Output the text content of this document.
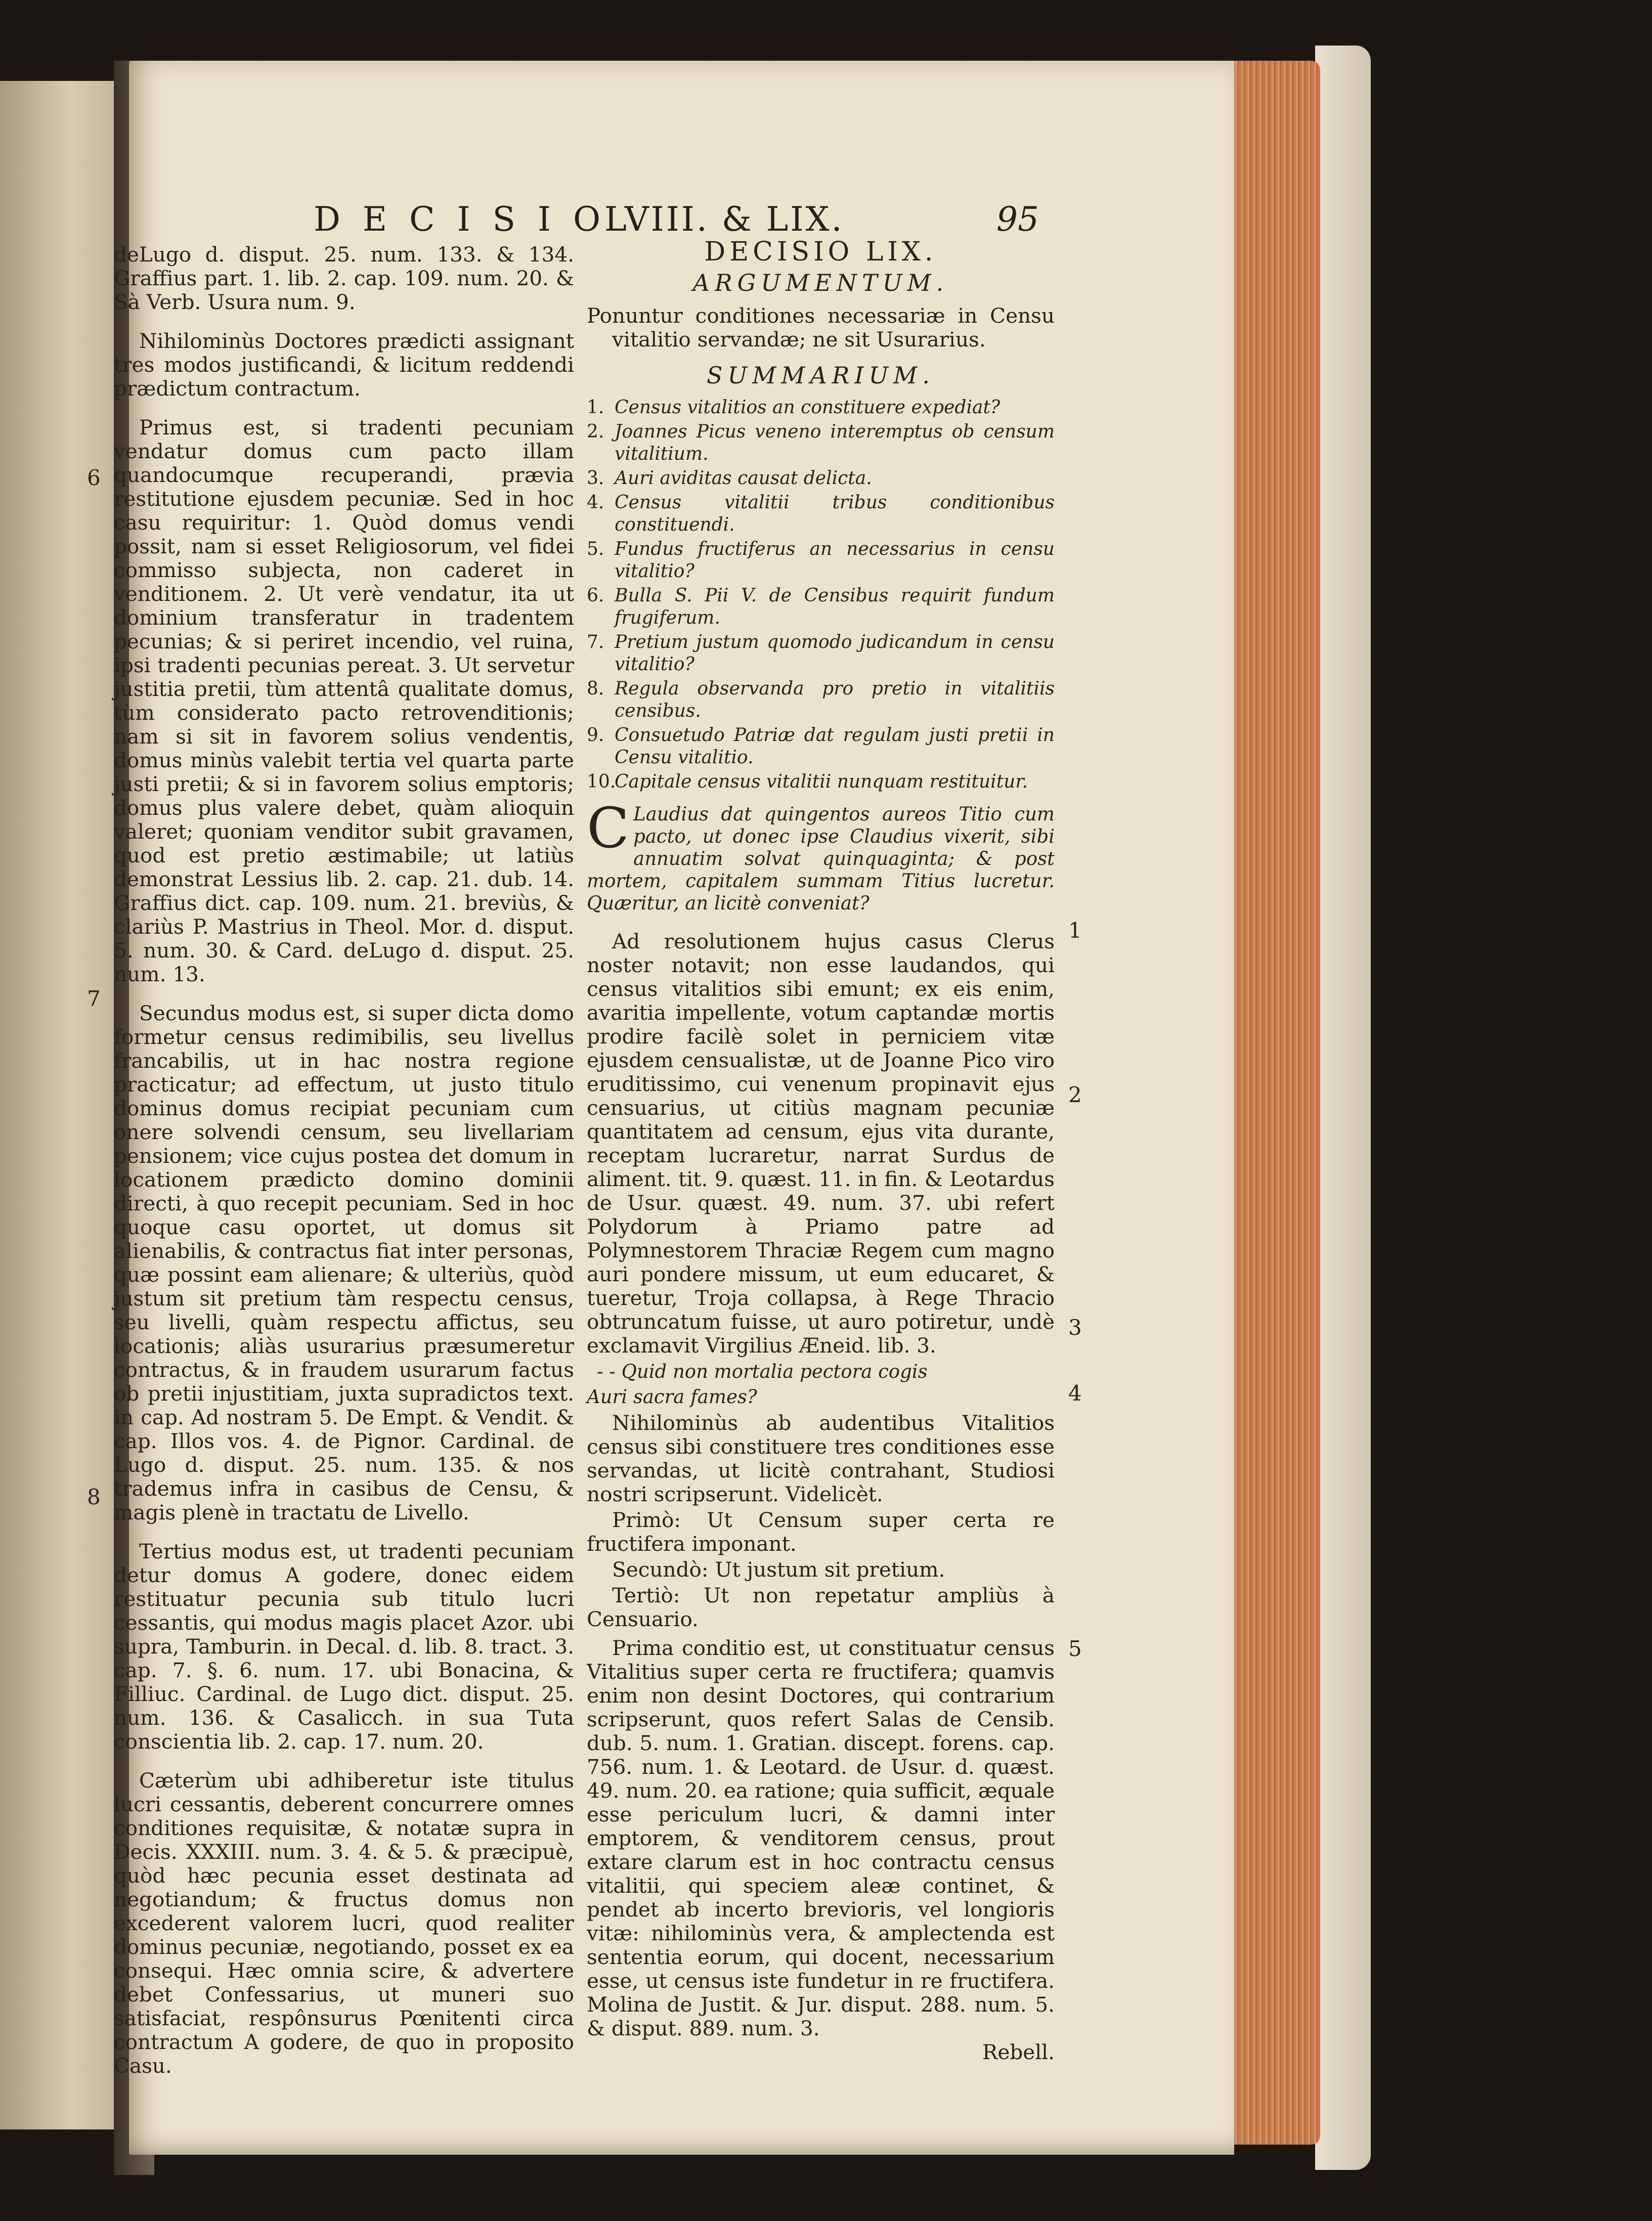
DECISIO
LVIII. & LIX.	95

deLugo d. disput. 25. num. 133. & 134. Graffius part. 1. lib. 2. cap. 109. num. 20. & Sà Verb. Usura num. 9.

Nihilominùs Doctores prædicti assignant tres modos justificandi, & licitum reddendi prædictum contractum.

Primus est, si tradenti pecuniam vendatur domus cum pacto illam quandocumque recuperandi, prævia restitutione ejusdem pecuniæ. Sed in hoc casu requiritur: 1. Quòd domus vendi possit, nam si esset Religiosorum, vel fidei commisso subjecta, non caderet in venditionem. 2. Ut verè vendatur, ita ut dominium transferatur in tradentem pecunias; & si periret incendio, vel ruina, ipsi tradenti pecunias pereat. 3. Ut servetur justitia pretii, tùm attentâ qualitate domus, tùm considerato pacto retrovenditionis; nam si sit in favorem solius vendentis, domus minùs valebit tertia vel quarta parte justi pretii; & si in favorem solius emptoris; domus plus valere debet, quàm alioquin valeret; quoniam venditor subit gravamen, quod est pretio æstimabile; ut latiùs demonstrat Lessius lib. 2. cap. 21. dub. 14. Graffius dict. cap. 109. num. 21. breviùs, & clariùs P. Mastrius in Theol. Mor. d. disput. 5. num. 30. & Card. deLugo d. disput. 25. num. 13.

Secundus modus est, si super dicta domo formetur census redimibilis, seu livellus francabilis, ut in hac nostra regione practicatur; ad effectum, ut justo titulo dominus domus recipiat pecuniam cum onere solvendi censum, seu livellariam pensionem; vice cujus postea det domum in locationem prædicto domino dominii directi, à quo recepit pecuniam. Sed in hoc quoque casu oportet, ut domus sit alienabilis, & contractus fiat inter personas, quæ possint eam alienare; & ulteriùs, quòd justum sit pretium tàm respectu census, seu livelli, quàm respectu affictus, seu locationis; aliàs usurarius præsumeretur contractus, & in fraudem usurarum factus ob pretii injustitiam, juxta supradictos text. in cap. Ad nostram 5. De Empt. & Vendit. & cap. Illos vos. 4. de Pignor. Cardinal. de Lugo d. disput. 25. num. 135. & nos trademus infra in casibus de Censu, & magis plenè in tractatu de Livello.

Tertius modus est, ut tradenti pecuniam detur domus A godere, donec eidem restituatur pecunia sub titulo lucri cessantis, qui modus magis placet Azor. ubi supra, Tamburin. in Decal. d. lib. 8. tract. 3. cap. 7. §. 6. num. 17. ubi Bonacina, & Filliuc. Cardinal. de Lugo dict. disput. 25. num. 136. & Casalicch. in sua Tuta conscientia lib. 2. cap. 17. num. 20.

Cæterùm ubi adhiberetur iste titulus lucri cessantis, deberent concurrere omnes conditiones requisitæ, & notatæ supra in Decis. XXXIII. num. 3. 4. & 5. & præcipuè, quòd hæc pecunia esset destinata ad negotiandum; & fructus domus non excederent valorem lucri, quod realiter dominus pecuniæ, negotiando, posset ex ea consequi. Hæc omnia scire, & advertere debet Confessarius, ut muneri suo satisfaciat, respônsurus Pœnitenti circa contractum A godere, de quo in proposito Casu.

6
7
8
DECISIO LIX.
ARGUMENTUM.

Ponuntur conditiones necessariæ in Censu vitalitio servandæ; ne sit Usurarius.

SUMMARIUM.
1. Census vitalitios an constituere expediat?
2. Joannes Picus veneno interemptus ob censum vitalitium.
3. Auri aviditas causat delicta.
4. Census vitalitii tribus conditionibus constituendi.
5. Fundus fructiferus an necessarius in censu vitalitio?
6. Bulla S. Pii V. de Censibus requirit fundum frugiferum.
7. Pretium justum quomodo judicandum in censu vitalitio?
8. Regula observanda pro pretio in vitalitiis censibus.
9. Consuetudo Patriæ dat regulam justi pretii in Censu vitalitio.
10.
Capitale census vitalitii nunquam restituitur.

C Laudius dat quingentos aureos Titio cum pacto, ut donec ipse Claudius vixerit, sibi annuatim solvat quinquaginta; & post mortem, capitalem summam Titius lucretur. Quæritur, an licitè conveniat?

Ad resolutionem hujus casus Clerus noster notavit; non esse laudandos, qui census vitalitios sibi emunt; ex eis enim, avaritia impellente, votum captandæ mortis prodire facilè solet in perniciem vitæ ejusdem censualistæ, ut de Joanne Pico viro eruditissimo, cui venenum propinavit ejus censuarius, ut citiùs magnam pecuniæ quantitatem ad censum, ejus vita durante, receptam lucraretur, narrat Surdus de aliment. tit. 9. quæst. 11. in fin. & Leotardus de Usur. quæst. 49. num. 37. ubi refert Polydorum à Priamo patre ad Polymnestorem Thraciæ Regem cum magno auri pondere missum, ut eum educaret, & tueretur, Troja collapsa, à Rege Thracio obtruncatum fuisse, ut auro potiretur, undè exclamavit Virgilius Æneid. lib. 3.

- - Quid non mortalia pectora cogis

Auri sacra fames?

Nihilominùs ab audentibus Vitalitios census sibi constituere tres conditiones esse servandas, ut licitè contrahant, Studiosi nostri scripserunt. Videlicèt.

Primò: Ut Censum super certa re fructifera imponant.

Secundò: Ut justum sit pretium.

Tertiò: Ut non repetatur ampliùs à Censuario.

Prima conditio est, ut constituatur census Vitalitius super certa re fructifera; quamvis enim non desint Doctores, qui contrarium scripserunt, quos refert Salas de Censib. dub. 5. num. 1. Gratian. discept. forens. cap. 756. num. 1. & Leotard. de Usur. d. quæst. 49. num. 20. ea ratione; quia sufficit, æquale esse periculum lucri, & damni inter emptorem, & venditorem census, prout extare clarum est in hoc contractu census vitalitii, qui speciem aleæ continet, & pendet ab incerto brevioris, vel longioris vitæ: nihilominùs vera, & amplectenda est sententia eorum, qui docent, necessarium esse, ut census iste fundetur in re fructifera. Molina de Justit. & Jur. disput. 288. num. 5. & disput. 889. num. 3.

Rebell.
1
2
3
4
5
